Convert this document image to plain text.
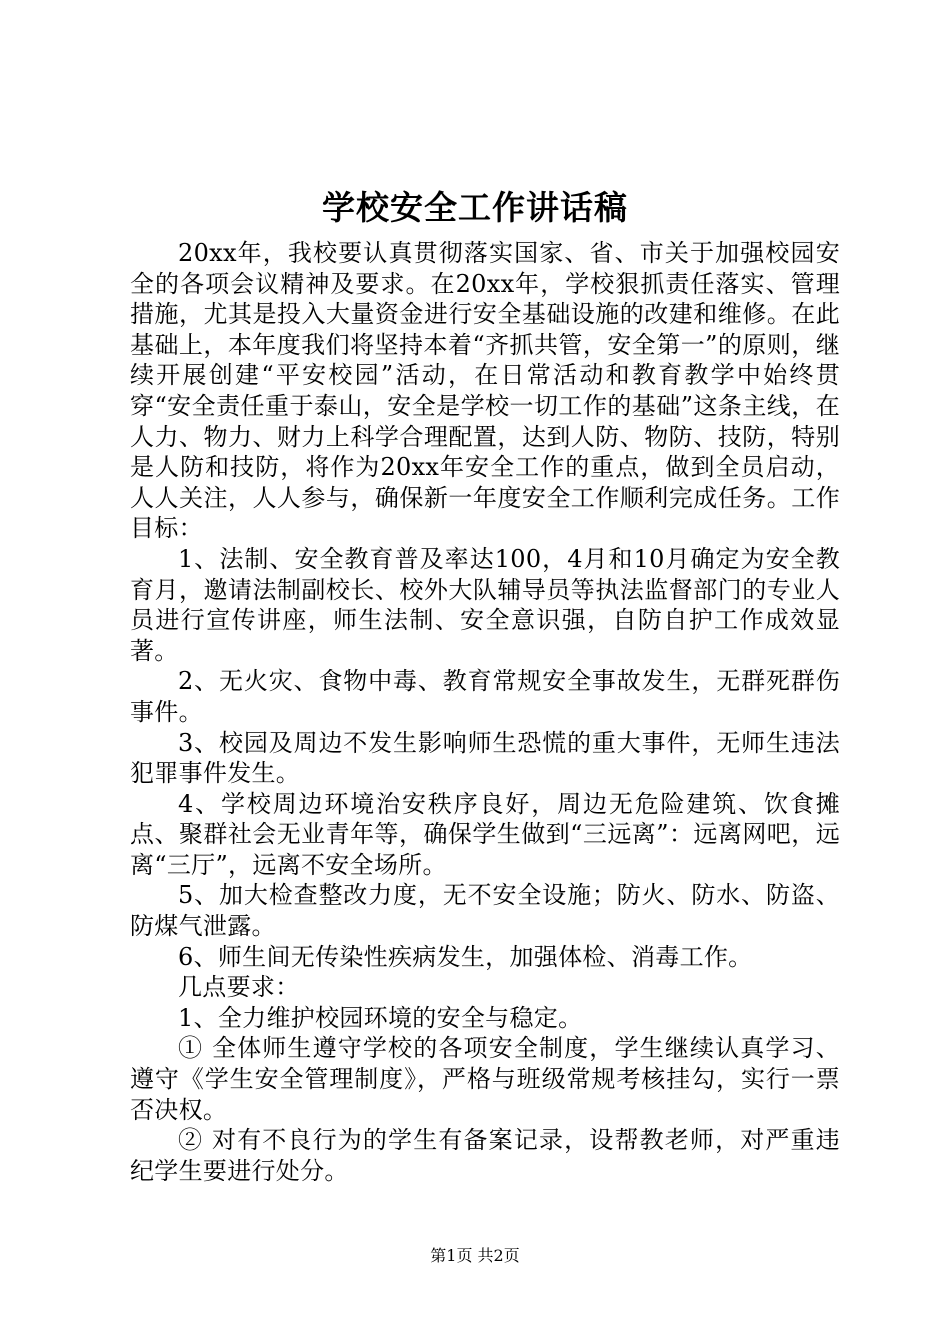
学校安全工作讲话稿

20xx年，我校要认真贯彻落实国家、省、市关于加强校园安全的各项会议精神及要求。在20xx年，学校狠抓责任落实、管理措施，尤其是投入大量资金进行安全基础设施的改建和维修。在此基础上，本年度我们将坚持本着“齐抓共管，安全第一”的原则，继续开展创建“平安校园”活动，在日常活动和教育教学中始终贯穿“安全责任重于泰山，安全是学校一切工作的基础”这条主线，在人力、物力、财力上科学合理配置，达到人防、物防、技防，特别是人防和技防，将作为20xx年安全工作的重点，做到全员启动，人人关注，人人参与，确保新一年度安全工作顺利完成任务。工作目标：

1、法制、安全教育普及率达100，4月和10月确定为安全教育月，邀请法制副校长、校外大队辅导员等执法监督部门的专业人员进行宣传讲座，师生法制、安全意识强，自防自护工作成效显著。

2、无火灾、食物中毒、教育常规安全事故发生，无群死群伤事件。

3、校园及周边不发生影响师生恐慌的重大事件，无师生违法犯罪事件发生。

4、学校周边环境治安秩序良好，周边无危险建筑、饮食摊点、聚群社会无业青年等，确保学生做到“三远离”：远离网吧，远离“三厅”，远离不安全场所。

5、加大检查整改力度，无不安全设施；防火、防水、防盗、防煤气泄露。

6、师生间无传染性疾病发生，加强体检、消毒工作。

几点要求：

1、全力维护校园环境的安全与稳定。

① 全体师生遵守学校的各项安全制度，学生继续认真学习、遵守《学生安全管理制度》，严格与班级常规考核挂勾，实行一票否决权。

② 对有不良行为的学生有备案记录，设帮教老师，对严重违纪学生要进行处分。

第1页 共2页
